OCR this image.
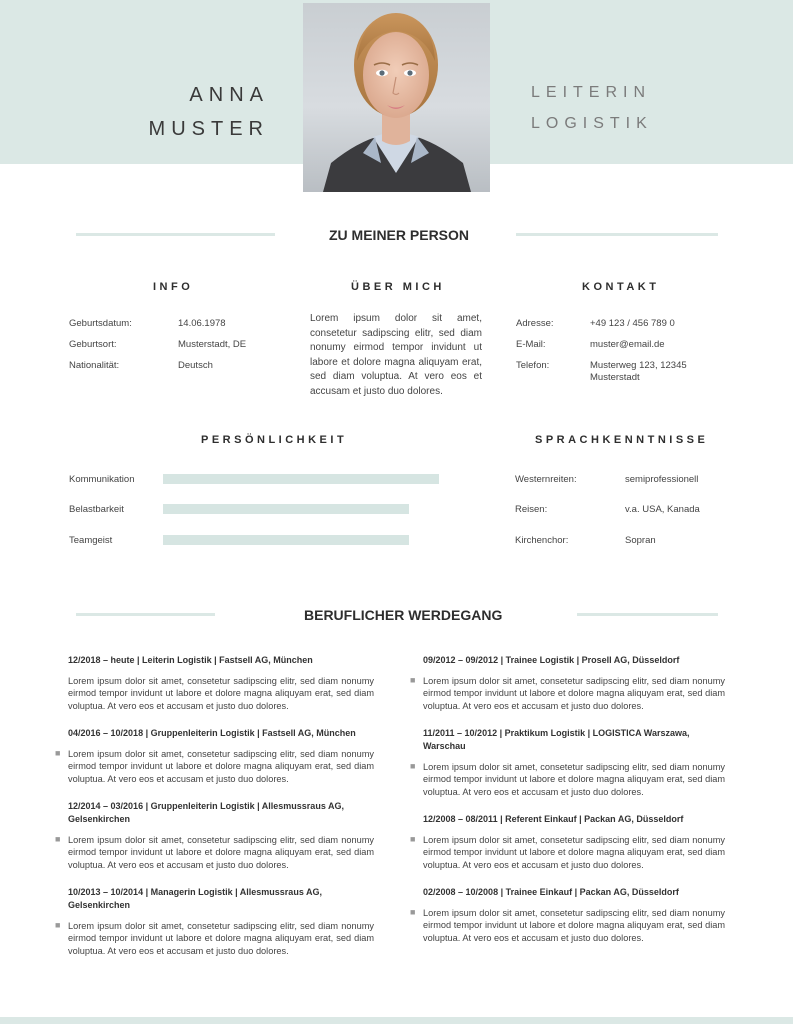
ANNA
MUSTER
LEITERIN
LOGISTIK
ZU MEINER PERSON
INFO
Geburtsdatum:	14.06.1978
Geburtsort:	Musterstadt, DE
Nationalität:	Deutsch
ÜBER MICH
Lorem ipsum dolor sit amet, consetetur sadipscing elitr, sed diam nonumy eirmod tempor invidunt ut labore et dolore magna aliquyam erat, sed diam voluptua. At vero eos et accusam et justo duo dolores.
KONTAKT
Adresse:	+49 123 / 456 789 0
E-Mail:	muster@email.de
Telefon:	Musterweg 123, 12345 Musterstadt
PERSÖNLICHKEIT
Kommunikation
Belastbarkeit
Teamgeist
SPRACHKENNTNISSE
Westernreiten:	semiprofessionell
Reisen:	v.a. USA, Kanada
Kirchenchor:	Sopran
BERUFLICHER WERDEGANG
12/2018 – heute | Leiterin Logistik | Fastsell AG, München
Lorem ipsum dolor sit amet, consetetur sadipscing elitr, sed diam nonumy eirmod tempor invidunt ut labore et dolore magna aliquyam erat, sed diam voluptua. At vero eos et accusam et justo duo dolores.
04/2016 – 10/2018 | Gruppenleiterin Logistik | Fastsell AG, München
■ Lorem ipsum dolor sit amet, consetetur sadipscing elitr, sed diam nonumy eirmod tempor invidunt ut labore et dolore magna aliquyam erat, sed diam voluptua. At vero eos et accusam et justo duo dolores.
12/2014 – 03/2016 | Gruppenleiterin Logistik | Allesmussraus AG, Gelsenkirchen
■ Lorem ipsum dolor sit amet, consetetur sadipscing elitr, sed diam nonumy eirmod tempor invidunt ut labore et dolore magna aliquyam erat, sed diam voluptua. At vero eos et accusam et justo duo dolores.
10/2013 – 10/2014 | Managerin Logistik | Allesmussraus AG, Gelsenkirchen
■ Lorem ipsum dolor sit amet, consetetur sadipscing elitr, sed diam nonumy eirmod tempor invidunt ut labore et dolore magna aliquyam erat, sed diam voluptua. At vero eos et accusam et justo duo dolores.
09/2012 – 09/2012 | Trainee Logistik | Prosell AG, Düsseldorf
■ Lorem ipsum dolor sit amet, consetetur sadipscing elitr, sed diam nonumy eirmod tempor invidunt ut labore et dolore magna aliquyam erat, sed diam voluptua. At vero eos et accusam et justo duo dolores.
11/2011 – 10/2012 | Praktikum Logistik | LOGISTICA Warszawa, Warschau
■ Lorem ipsum dolor sit amet, consetetur sadipscing elitr, sed diam nonumy eirmod tempor invidunt ut labore et dolore magna aliquyam erat, sed diam voluptua. At vero eos et accusam et justo duo dolores.
12/2008 – 08/2011 | Referent Einkauf | Packan AG, Düsseldorf
■ Lorem ipsum dolor sit amet, consetetur sadipscing elitr, sed diam nonumy eirmod tempor invidunt ut labore et dolore magna aliquyam erat, sed diam voluptua. At vero eos et accusam et justo duo dolores.
02/2008 – 10/2008 | Trainee Einkauf | Packan AG, Düsseldorf
■ Lorem ipsum dolor sit amet, consetetur sadipscing elitr, sed diam nonumy eirmod tempor invidunt ut labore et dolore magna aliquyam erat, sed diam voluptua. At vero eos et accusam et justo duo dolores.
